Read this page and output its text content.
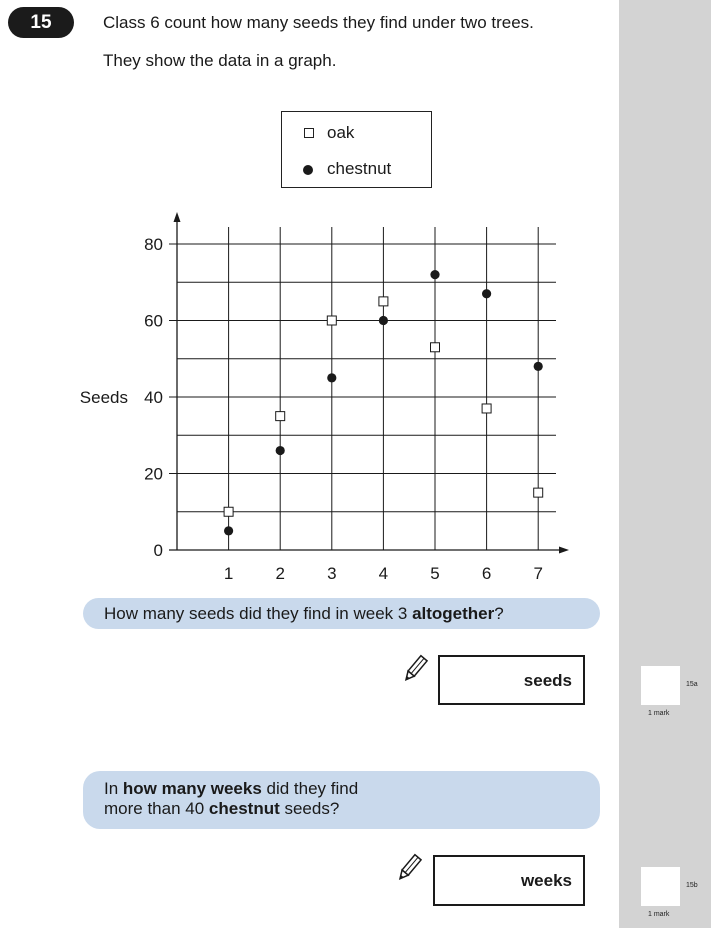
15	Class 6 count how many seeds they find under two trees.
They show the data in a graph.
oak
chestnut
0
20
40
60
80
1 2 3 4 5 6 7
Seeds
How many seeds did they find in week 3 altogether?
seeds
In how many weeks did they find
more than 40 chestnut seeds?
weeks
15a
1 mark
15b
1 mark
